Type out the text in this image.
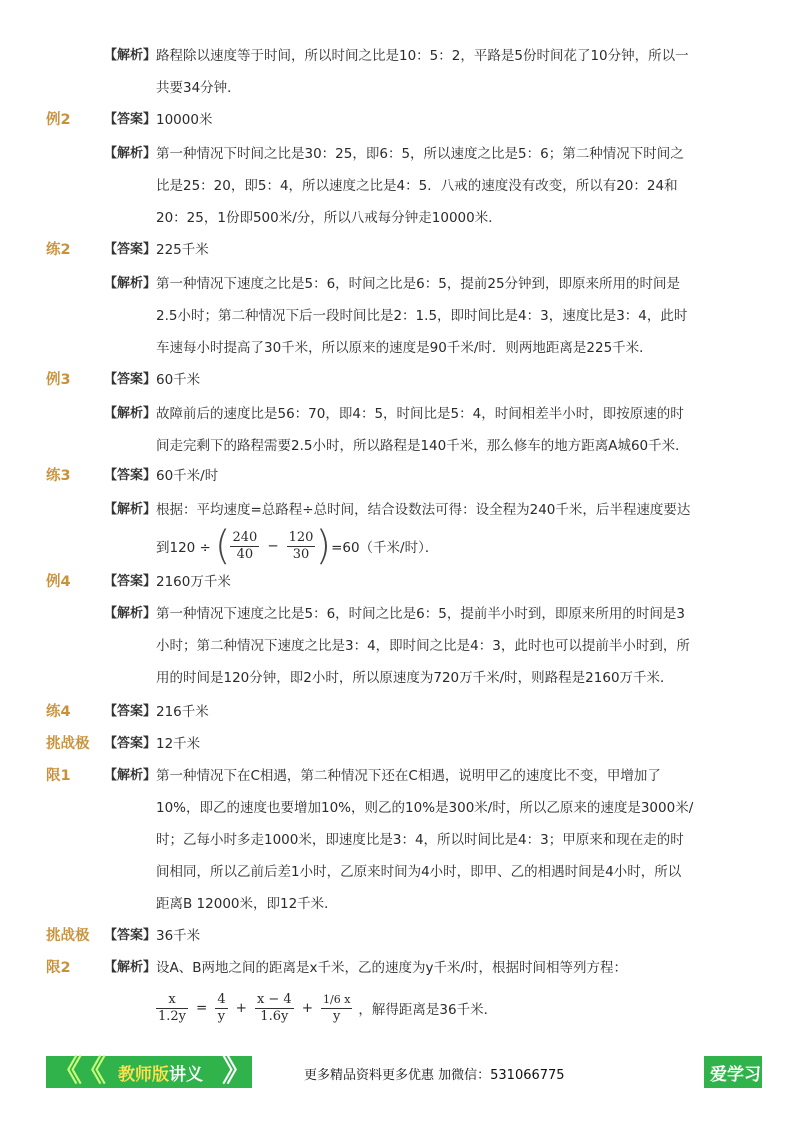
【解析】 路程除以速度等于时间，所以时间之比是10：5：2，平路是5份时间花了10分钟，所以一
共要34分钟．
例2	【答案】 10000米
【解析】 第一种情况下时间之比是30：25，即6：5，所以速度之比是5：6；第二种情况下时间之
比是25：20，即5：4，所以速度之比是4：5．八戒的速度没有改变，所以有20：24和
20：25，1份即500米/分，所以八戒每分钟走10000米．
练2	【答案】 225千米
【解析】 第一种情况下速度之比是5：6，时间之比是6：5，提前25分钟到，即原来所用的时间是
2.5小时；第二种情况下后一段时间比是2：1.5，即时间比是4：3，速度比是3：4，此时
车速每小时提高了30千米，所以原来的速度是90千米/时．则两地距离是225千米．
例3	【答案】 60千米
【解析】 故障前后的速度比是56：70，即4：5，时间比是5：4，时间相差半小时，即按原速的时
间走完剩下的路程需要2.5小时，所以路程是140千米，那么修车的地方距离A城60千米．
练3	【答案】 60千米/时
【解析】 根据：平均速度=总路程÷总时间，结合设数法可得：设全程为240千米，后半程速度要达
到120 ÷ ( $\frac{240}{40} - \frac{120}{30}$ ) =60（千米/时）．
例4	【答案】 2160万千米
【解析】 第一种情况下速度之比是5：6，时间之比是6：5，提前半小时到，即原来所用的时间是3
小时；第二种情况下速度之比是3：4，即时间之比是4：3，此时也可以提前半小时到，所
用的时间是120分钟，即2小时，所以原速度为720万千米/时，则路程是2160万千米．
练4	【答案】 216千米
挑战极 【答案】 12千米
限1	【解析】 第一种情况下在C相遇，第二种情况下还在C相遇，说明甲乙的速度比不变，甲增加了
10%，即乙的速度也要增加10%，则乙的10%是300米/时，所以乙原来的速度是3000米/
时；乙每小时多走1000米，即速度比是3：4，所以时间比是4：3；甲原来和现在走的时
间相同，所以乙前后差1小时，乙原来时间为4小时，即甲、乙的相遇时间是4小时，所以
距离B 12000米，即12千米．
挑战极 【答案】 36千米
限2	【解析】 设A、B两地之间的距离是x千米，乙的速度为y千米/时，根据时间相等列方程：
$\frac{x}{1.2y} = \frac{4}{y} + \frac{x - 4}{1.6y} + \frac{1/6 x}{y}$ ，解得距离是36千米．
《
《 教师版讲义 》	更多精品资料更多优惠 加微信：531066775	爱学习
